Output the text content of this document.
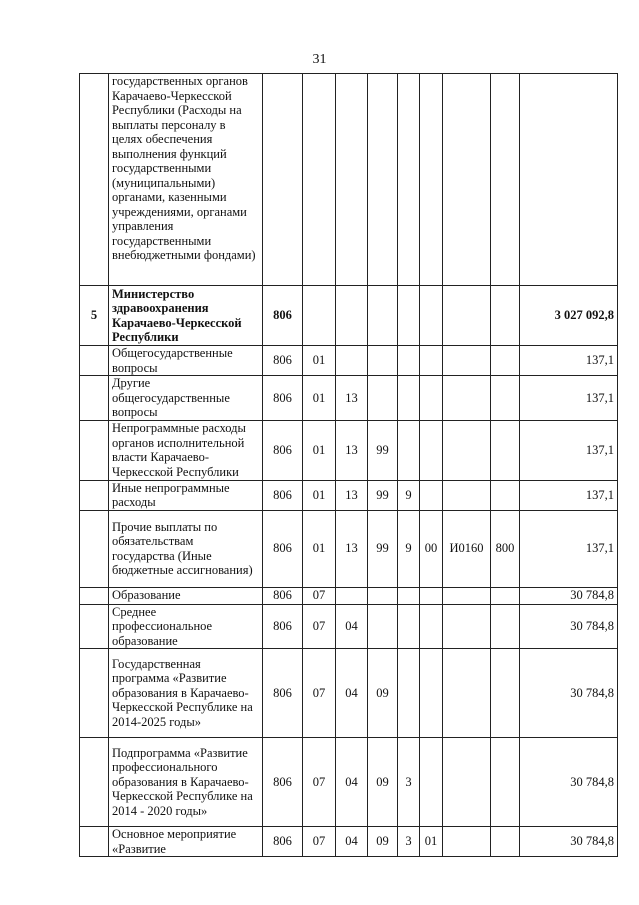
31
	государственных органов Карачаево-Черкесской Республики (Расходы на выплаты персоналу в целях обеспечения выполнения функций государственными (муниципальными) органами, казенными учреждениями, органами управления государственными внебюджетными фондами)									
5	Министерство здравоохранения Карачаево-Черкесской Республики	806								3 027 092,8
	Общегосударственные вопросы	806	01							137,1
	Другие общегосударственные вопросы	806	01	13						137,1
	Непрограммные расходы органов исполнительной власти Карачаево-Черкесской Республики	806	01	13	99					137,1
	Иные непрограммные расходы	806	01	13	99	9				137,1
	Прочие выплаты по обязательствам государства (Иные бюджетные ассигнования)	806	01	13	99	9	00	И0160	800	137,1
	Образование	806	07							30 784,8
	Среднее профессиональное образование	806	07	04						30 784,8
	Государственная программа «Развитие образования в Карачаево-Черкесской Республике на 2014-2025 годы»	806	07	04	09					30 784,8
	Подпрограмма «Развитие профессионального образования в Карачаево-Черкесской Республике на 2014 - 2020 годы»	806	07	04	09	3				30 784,8
	Основное мероприятие «Развитие	806	07	04	09	3	01			30 784,8
